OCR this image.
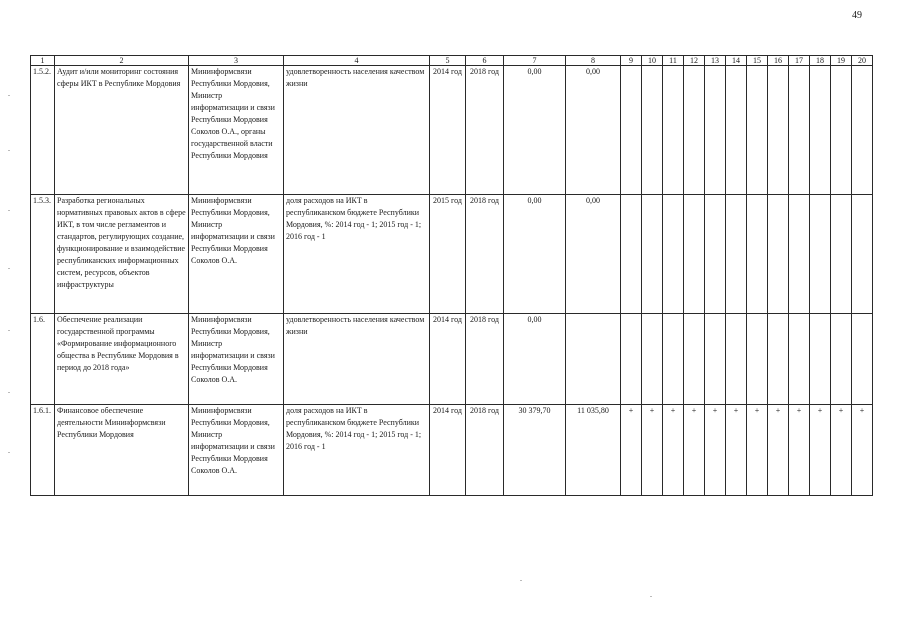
49
1	2	3	4	5	6	7	8	9	10	11	12	13	14	15	16	17	18	19	20
1.5.2.	Аудит и/или мониторинг состояния сферы ИКТ в Республике Мордовия	Мининформсвязи Республики Мордовия, Министр информатизации и связи Республики Мордовия Соколов О.А., органы государственной власти Республики Мордовия	удовлетворенность населения качеством жизни	2014 год	2018 год	0,00	0,00												
1.5.3.	Разработка региональных нормативных правовых актов в сфере ИКТ, в том числе регламентов и стандартов, регулирующих создание, функционирование и взаимодействие республиканских информационных систем, ресурсов, объектов инфраструктуры	Мининформсвязи Республики Мордовия, Министр информатизации и связи Республики Мордовия Соколов О.А.	доля расходов на ИКТ в республиканском бюджете Республики Мордовия, %: 2014 год - 1; 2015 год - 1; 2016 год - 1	2015 год	2018 год	0,00	0,00												
1.6.	Обеспечение реализации государственной программы «Формирование информационного общества в Республике Мордовия в период до 2018 года»	Мининформсвязи Республики Мордовия, Министр информатизации и связи Республики Мордовия Соколов О.А.	удовлетворенность населения качеством жизни	2014 год	2018 год	0,00													
1.6.1.	Финансовое обеспечение деятельности Мининформсвязи Республики Мордовия	Мининформсвязи Республики Мордовия, Министр информатизации и связи Республики Мордовия Соколов О.А.	доля расходов на ИКТ в республиканском бюджете Республики Мордовия, %: 2014 год - 1; 2015 год - 1; 2016 год - 1	2014 год	2018 год	30 379,70	11 035,80	+	+	+	+	+	+	+	+	+	+	+	+
